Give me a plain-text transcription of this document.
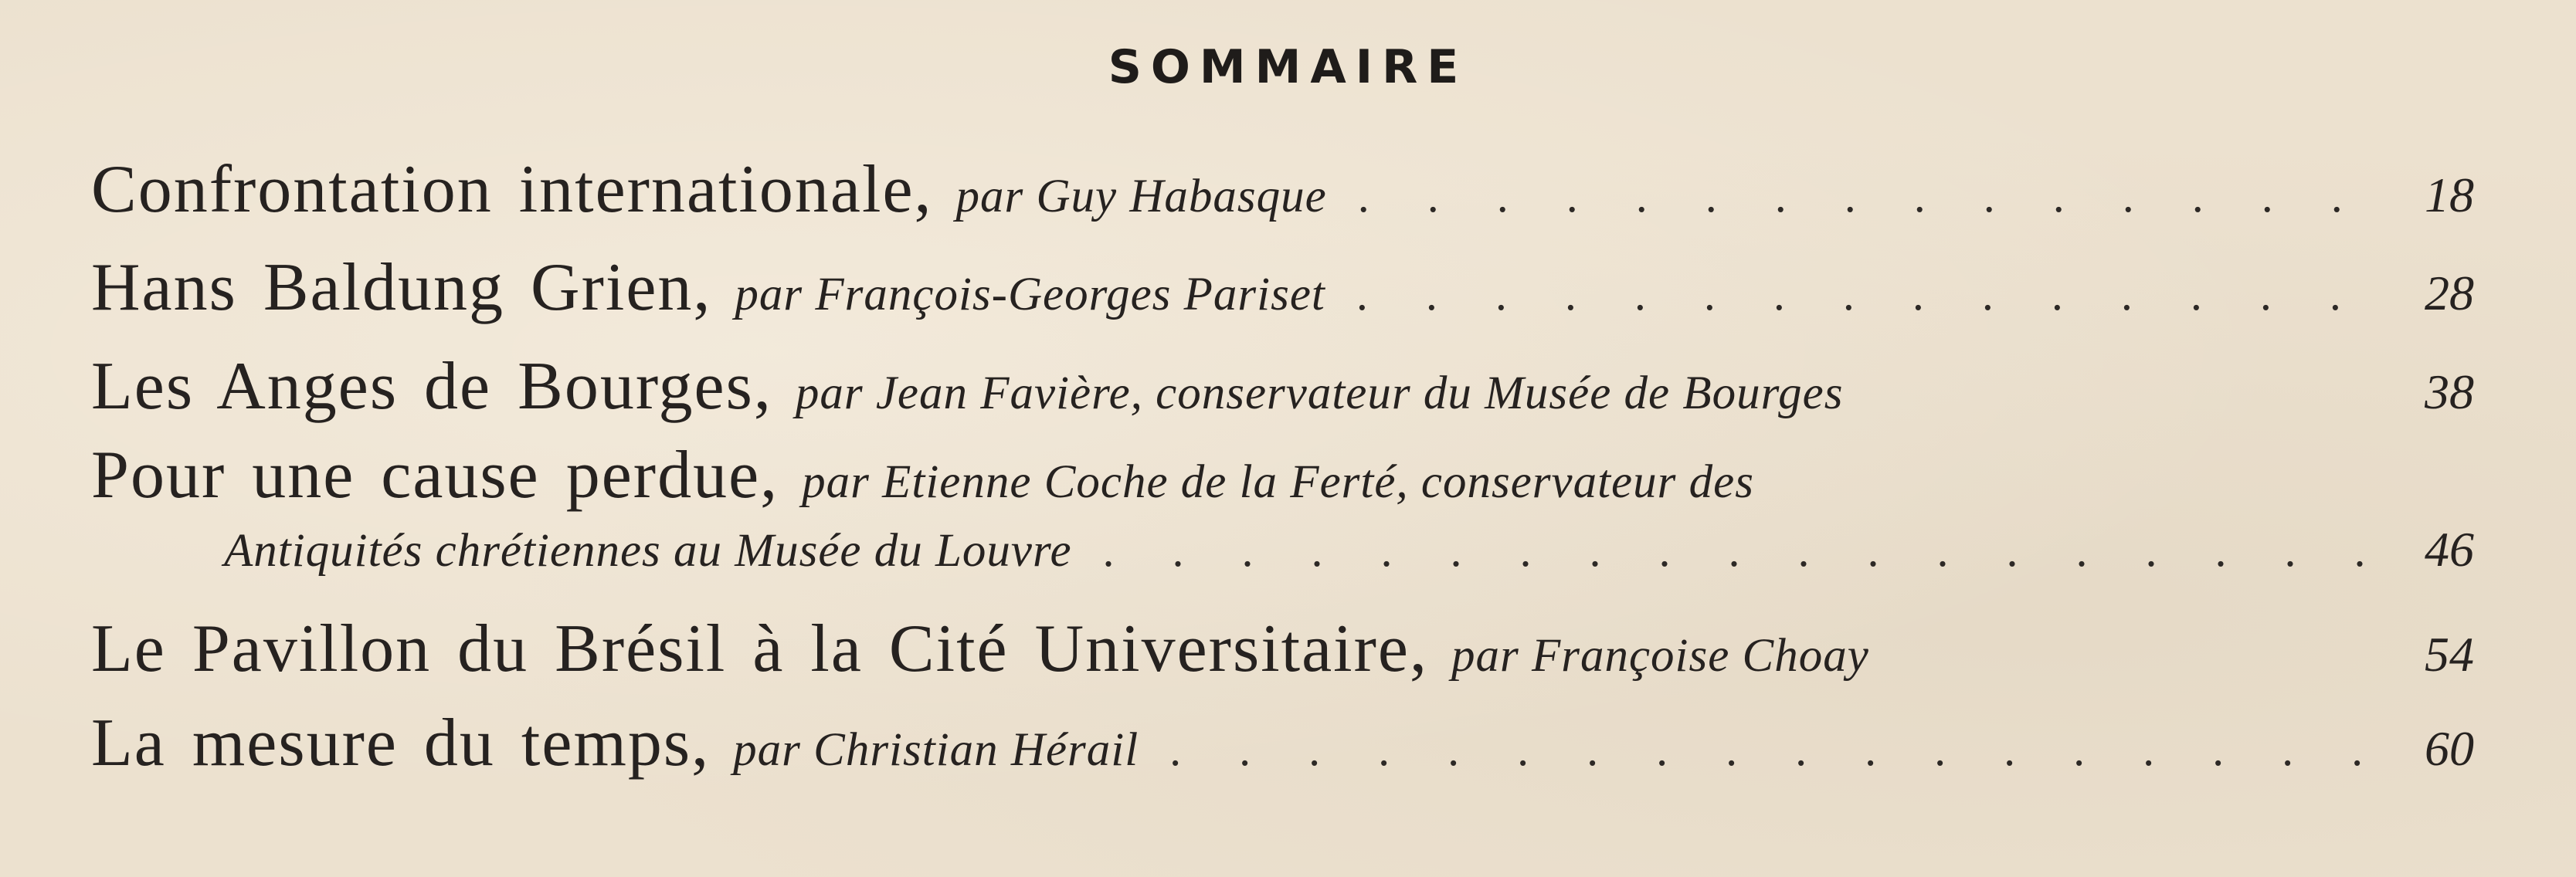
SOMMAIRE
Confrontation internationale, par Guy Habasque . . .	18
Hans Baldung Grien, par François-Georges Pariset . . .	28
Les Anges de Bourges, par Jean Favière, conservateur du Musée de Bourges	38
Pour une cause perdue, par Etienne Coche de la Ferté, conservateur des
Antiquités chrétiennes au Musée du Louvre . . .	46
Le Pavillon du Brésil à la Cité Universitaire, par Françoise Choay	54
La mesure du temps, par Christian Hérail . . .	60
